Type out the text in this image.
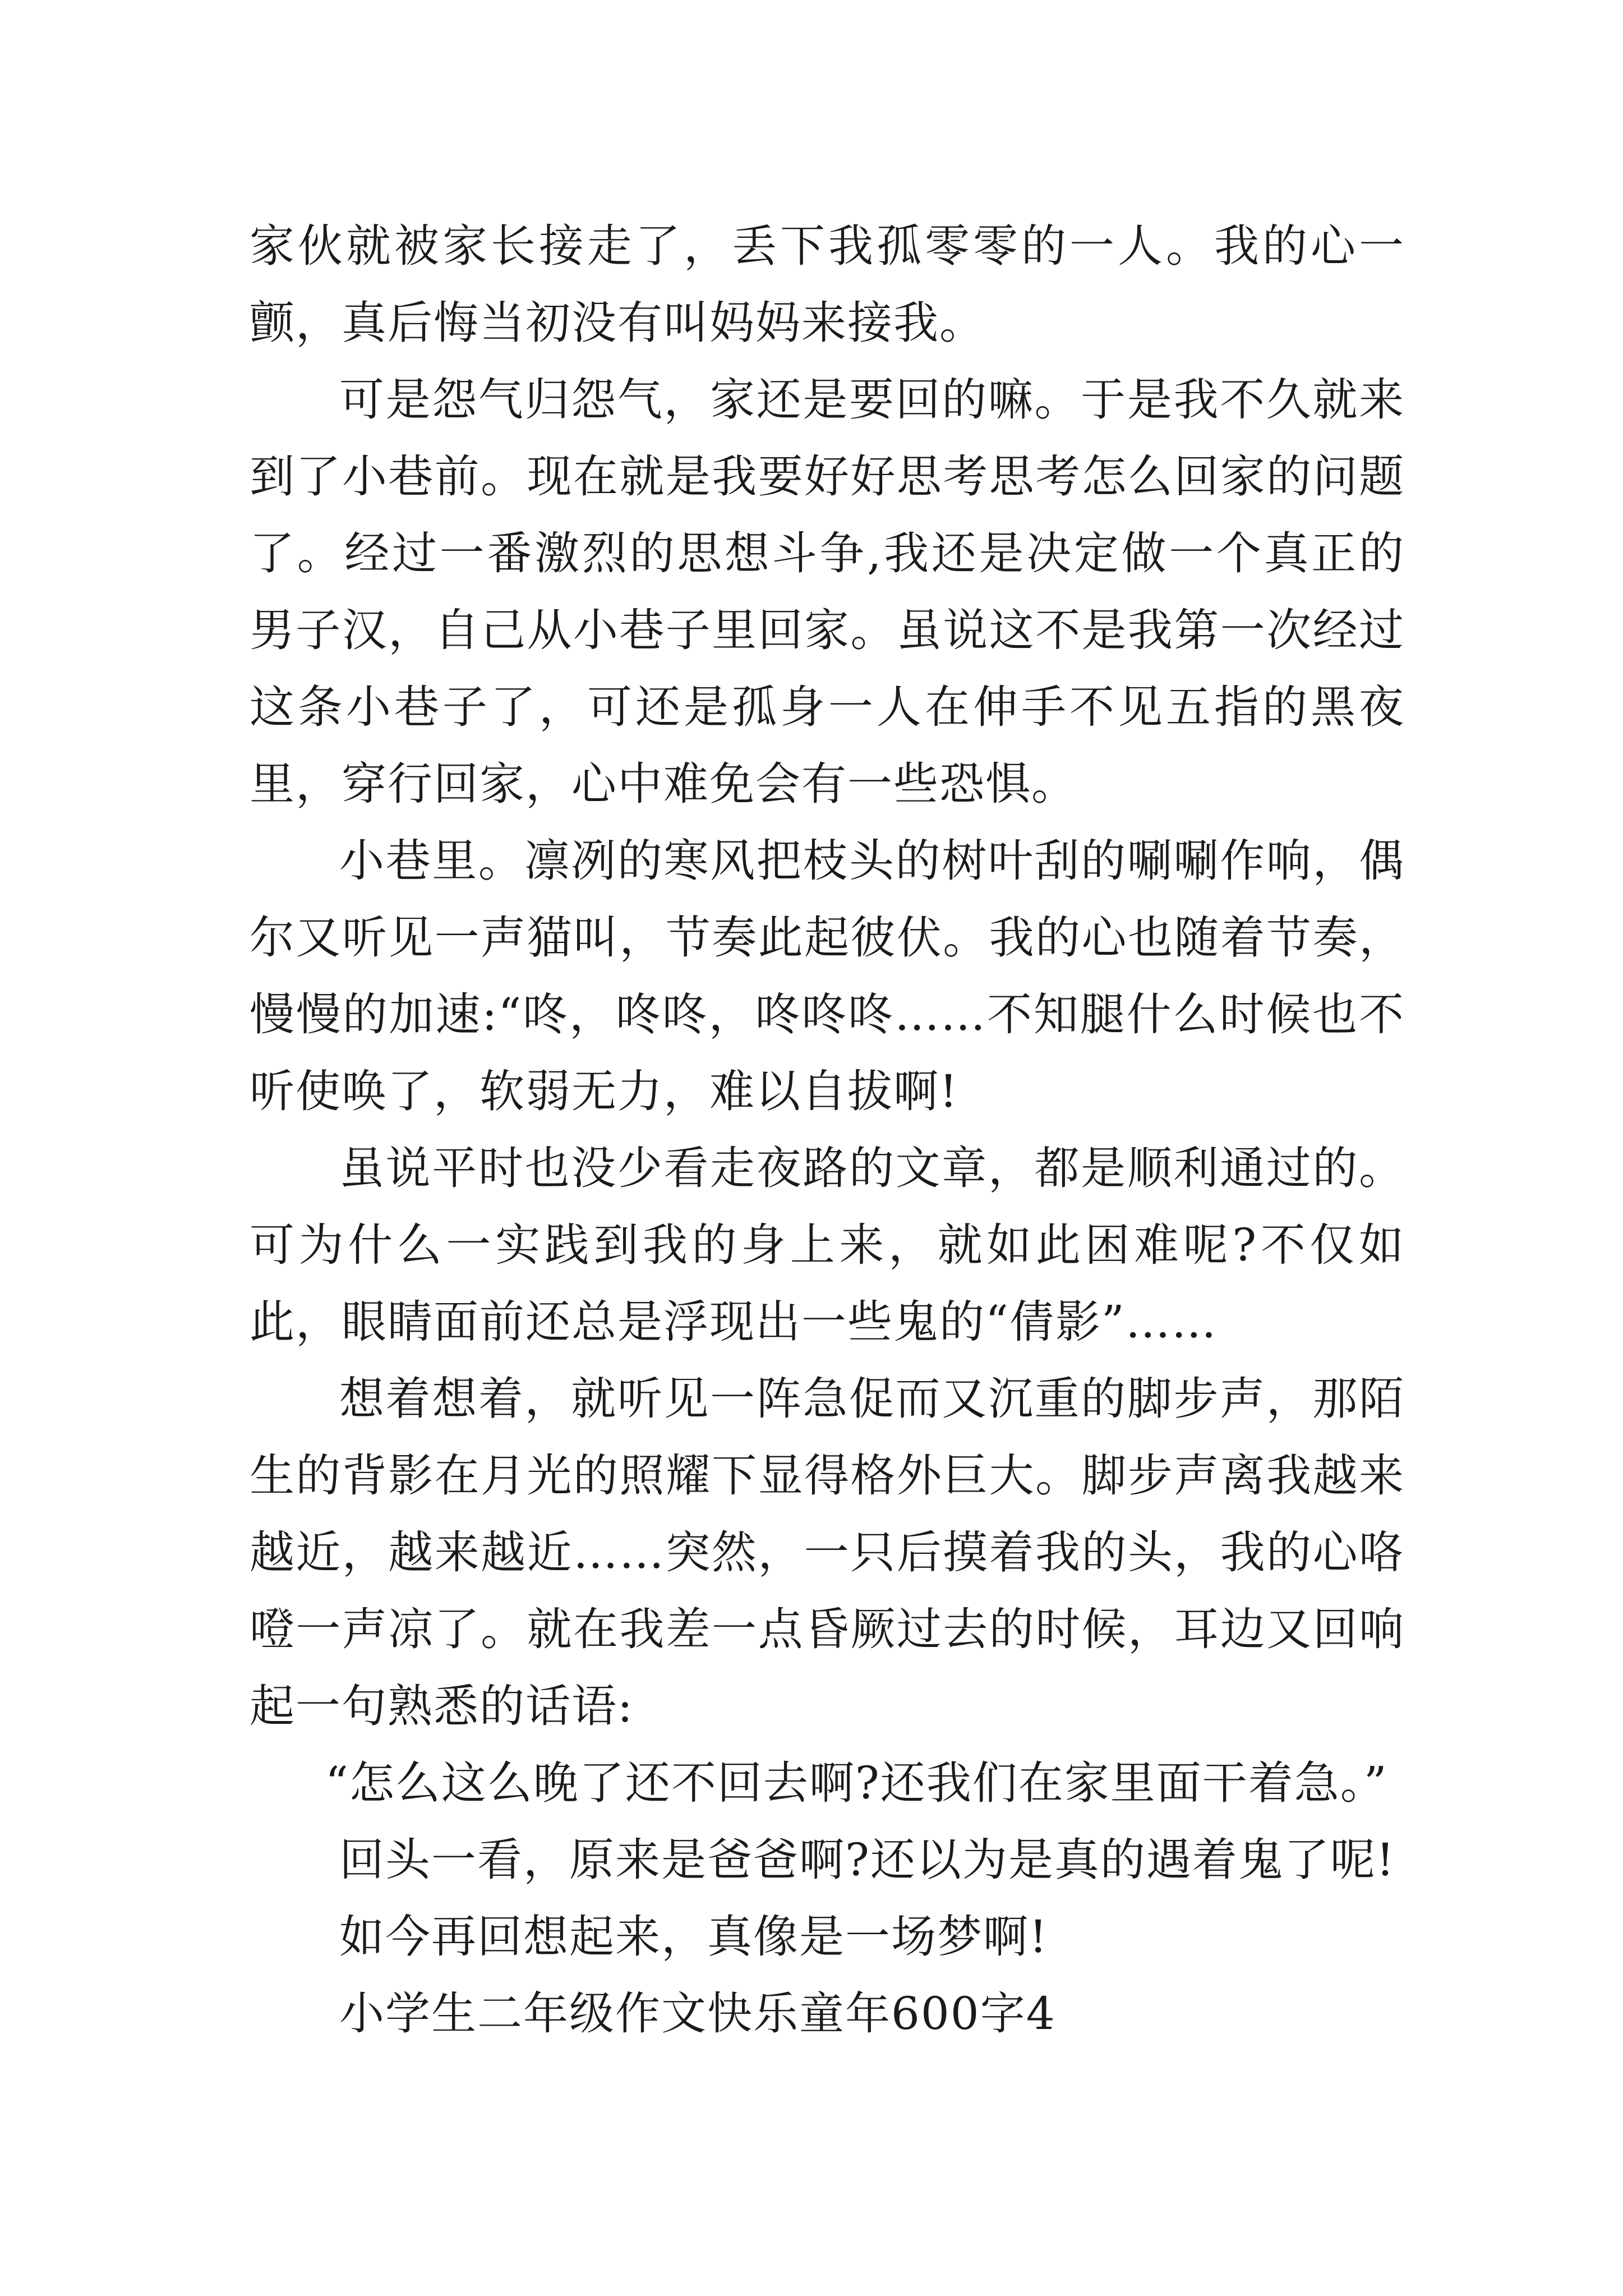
家伙就被家长接走了，丢下我孤零零的一人。我的心一颤，真后悔当初没有叫妈妈来接我。

可是怨气归怨气，家还是要回的嘛。于是我不久就来到了小巷前。现在就是我要好好思考思考怎么回家的问题了。经过一番激烈的思想斗争,我还是决定做一个真正的男子汉，自己从小巷子里回家。虽说这不是我第一次经过这条小巷子了，可还是孤身一人在伸手不见五指的黑夜里，穿行回家，心中难免会有一些恐惧。

小巷里。凛冽的寒风把枝头的树叶刮的唰唰作响，偶尔又听见一声猫叫，节奏此起彼伏。我的心也随着节奏，慢慢的加速:“咚，咚咚，咚咚咚……不知腿什么时候也不听使唤了，软弱无力，难以自拔啊!

虽说平时也没少看走夜路的文章，都是顺利通过的。可为什么一实践到我的身上来，就如此困难呢?不仅如此，眼睛面前还总是浮现出一些鬼的“倩影”……

想着想着，就听见一阵急促而又沉重的脚步声，那陌生的背影在月光的照耀下显得格外巨大。脚步声离我越来越近，越来越近……突然，一只后摸着我的头，我的心咯噔一声凉了。就在我差一点昏厥过去的时候，耳边又回响起一句熟悉的话语:

“怎么这么晚了还不回去啊?还我们在家里面干着急。”

回头一看，原来是爸爸啊?还以为是真的遇着鬼了呢!

如今再回想起来，真像是一场梦啊!

小学生二年级作文快乐童年600字4
